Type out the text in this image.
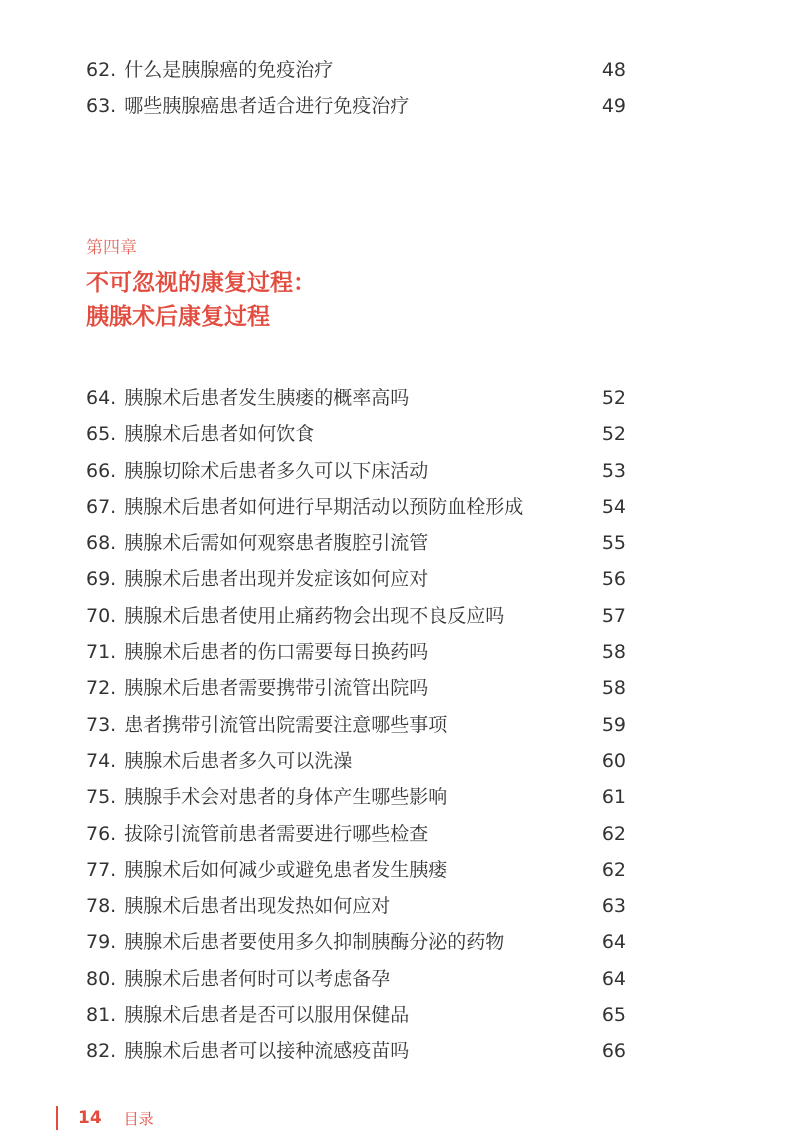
62. 什么是胰腺癌的免疫治疗	48
63. 哪些胰腺癌患者适合进行免疫治疗	49
第四章
不可忽视的康复过程：
胰腺术后康复过程
64. 胰腺术后患者发生胰瘘的概率高吗	52
65. 胰腺术后患者如何饮食	52
66. 胰腺切除术后患者多久可以下床活动	53
67. 胰腺术后患者如何进行早期活动以预防血栓形成	54
68. 胰腺术后需如何观察患者腹腔引流管	55
69. 胰腺术后患者出现并发症该如何应对	56
70. 胰腺术后患者使用止痛药物会出现不良反应吗	57
71. 胰腺术后患者的伤口需要每日换药吗	58
72. 胰腺术后患者需要携带引流管出院吗	58
73. 患者携带引流管出院需要注意哪些事项	59
74. 胰腺术后患者多久可以洗澡	60
75. 胰腺手术会对患者的身体产生哪些影响	61
76. 拔除引流管前患者需要进行哪些检查	62
77. 胰腺术后如何减少或避免患者发生胰瘘	62
78. 胰腺术后患者出现发热如何应对	63
79. 胰腺术后患者要使用多久抑制胰酶分泌的药物	64
80. 胰腺术后患者何时可以考虑备孕	64
81. 胰腺术后患者是否可以服用保健品	65
82. 胰腺术后患者可以接种流感疫苗吗	66
14 目录
